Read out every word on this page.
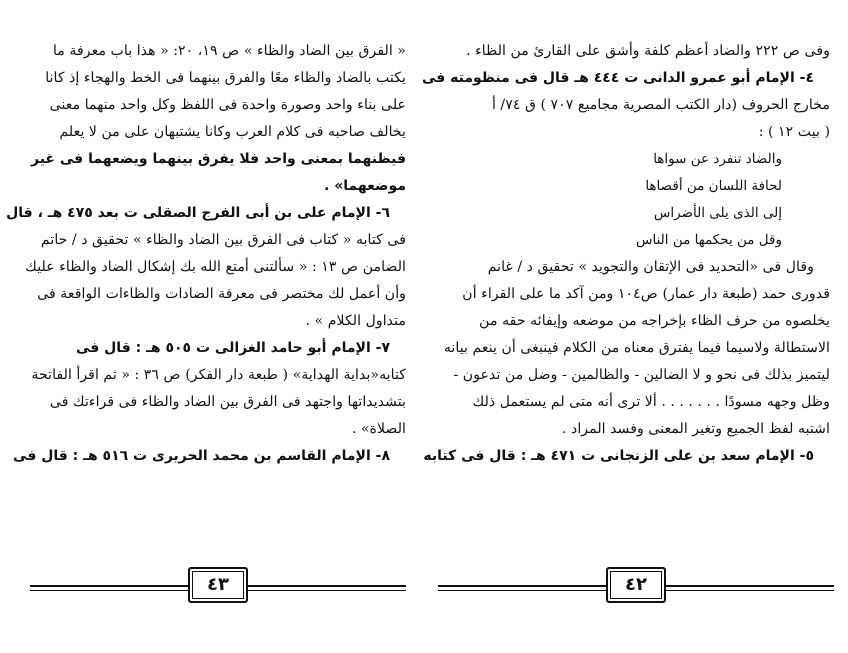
« الفرق بين الضاد والظاء » ص ١٩، ٢٠: « هذا باب معرفة ما
يكتب بالضاد والظاء معًا والفرق بينهما فى الخط والهجاء إذ كانا
على بناء واحد وصورة واحدة فى اللفظ وكل واحد منهما معنى
يخالف صاحبه فى كلام العرب وكانا يشتبهان على من لا يعلم
فيظنهما بمعنى واحد فلا يفرق بينهما ويضعهما فى غير
موضعهما» .
٦- الإمام على بن أبى الفرج الصقلى ت بعد ٤٧٥ هـ ، قال
فى كتابه « كتاب فى الفرق بين الضاد والظاء » تحقيق د / حاتم
الضامن ص ١٣ : « سألتنى أمتع الله بك إشكال الضاد والظاء عليك
وأن أعمل لك مختصر فى معرفة الضادات والظاءات الواقعة فى
متداول الكلام » .
٧- الإمام أبو حامد الغزالى ت ٥٠٥ هـ : قال فى
كتابه«بداية الهداية» ( طبعة دار الفكر) ص ٣٦ : « ثم اقرأ الفاتحة
بتشديداتها واجتهد فى الفرق بين الضاد والظاء فى قراءتك فى
الصلاة» .
٨- الإمام القاسم بن محمد الحريرى ت ٥١٦ هـ : قال فى
٤٣
وفى ص ٢٢٢ والضاد أعظم كلفة وأشق على القارئ من الظاء .
٤- الإمام أبو عمرو الدانى ت ٤٤٤ هـ قال فى منظومته فى
مخارج الحروف (دار الكتب المصرية مجاميع ٧٠٧ ) ق ٧٤/ أ
( بيت ١٢ ) :
والضاد تنفرد عن سواها
لحافة اللسان من أقصاها
إلى الذى يلى الأضراس
وقل من يحكمها من الناس
وقال فى «التحديد فى الإتقان والتجويد » تحقيق د / غانم
قدورى حمد (طبعة دار عمار) ص١٠٤ ومن آكد ما على القراء أن
يخلصوه من حرف الظاء بإخراجه من موضعه وإيفائه حقه من
الاستطالة ولاسيما فيما يفترق معناه من الكلام فينبغى أن ينعم بيانه
ليتميز بذلك فى نحو و لا الضالين - والظالمين - وضل من تدعون -
وظل وجهه مسودًا . . . . . . . ألا ترى أنه متى لم يستعمل ذلك
اشتبه لفظ الجميع وتغير المعنى وفسد المراد .
٥- الإمام سعد بن على الزنجانى ت ٤٧١ هـ : قال فى كتابه
٤٢
